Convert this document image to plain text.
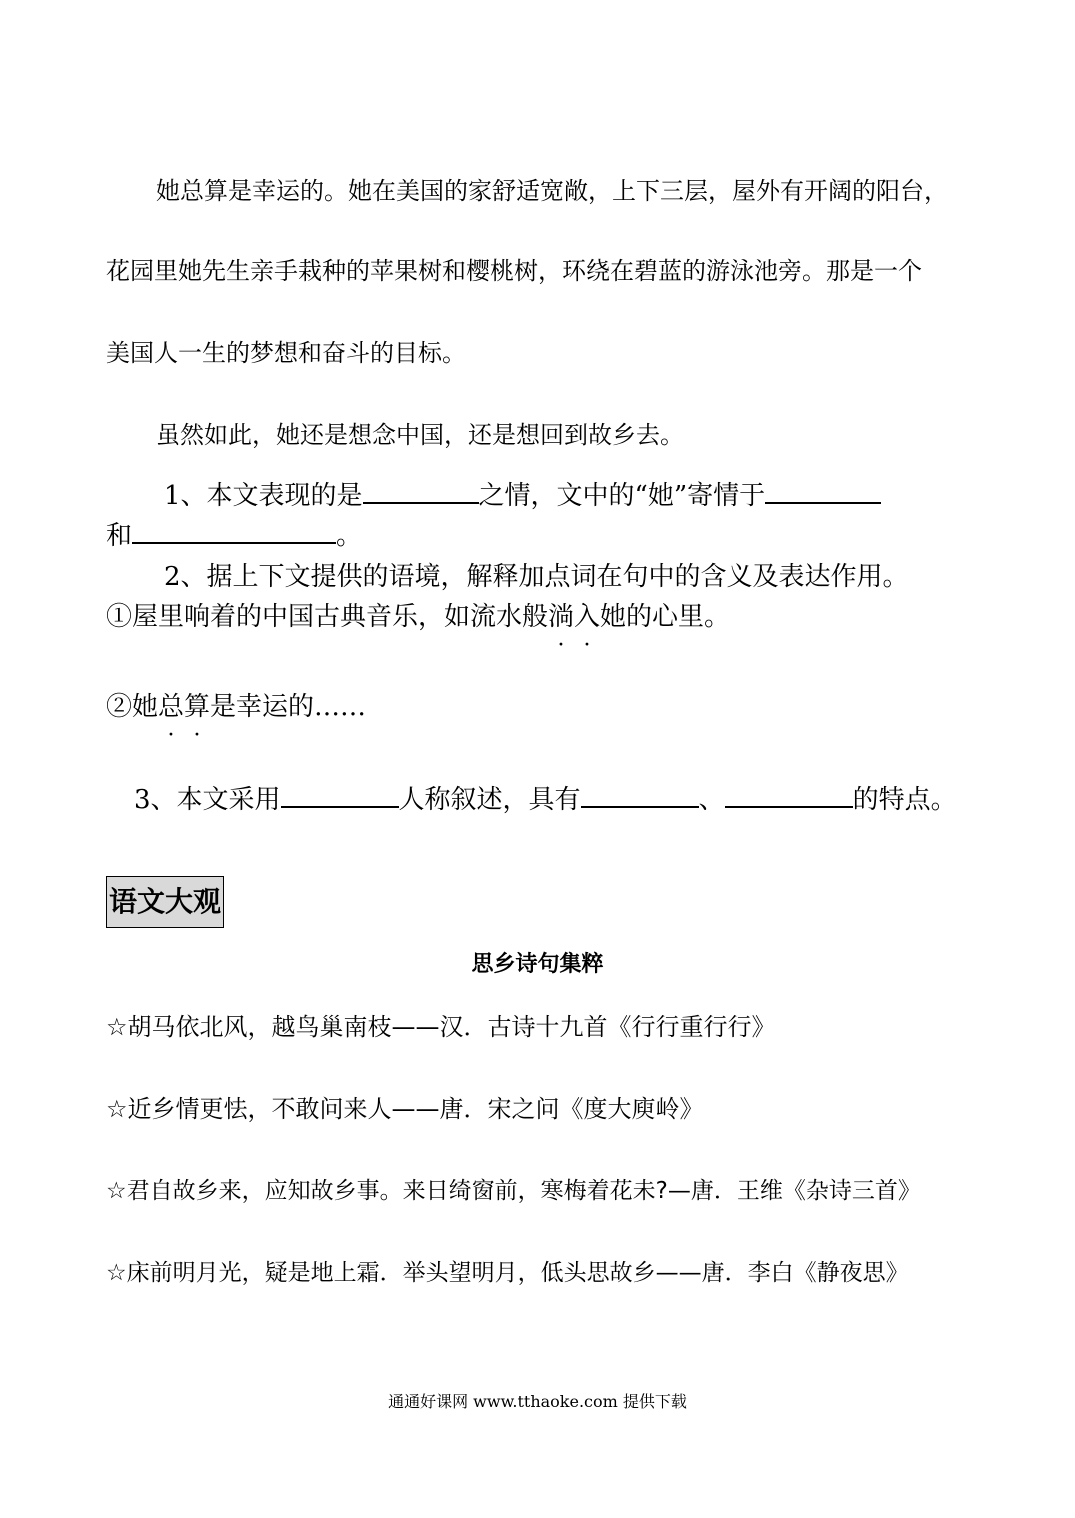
她总算是幸运的。她在美国的家舒适宽敞，上下三层，屋外有开阔的阳台，
花园里她先生亲手栽种的苹果树和樱桃树，环绕在碧蓝的游泳池旁。那是一个
美国人一生的梦想和奋斗的目标。
虽然如此，她还是想念中国，还是想回到故乡去。
1、本文表现的是	之情，文中的“她”寄情于
和	。
2、据上下文提供的语境，解释加点词在句中的含义及表达作用。
①屋里响着的中国古典音乐，如流水般淌入她的心里。
②她总算是幸运的……
3、本文采用	人称叙述，具有	、	的特点。
语文大观
思乡诗句集粹
☆胡马依北风，越鸟巢南枝——汉．古诗十九首《行行重行行》
☆近乡情更怯，不敢问来人——唐．宋之问《度大庾岭》
☆君自故乡来，应知故乡事。来日绮窗前，寒梅着花未?—唐．王维《杂诗三首》
☆床前明月光，疑是地上霜．举头望明月，低头思故乡——唐．李白《静夜思》
通通好课网 www.tthaoke.com 提供下载
